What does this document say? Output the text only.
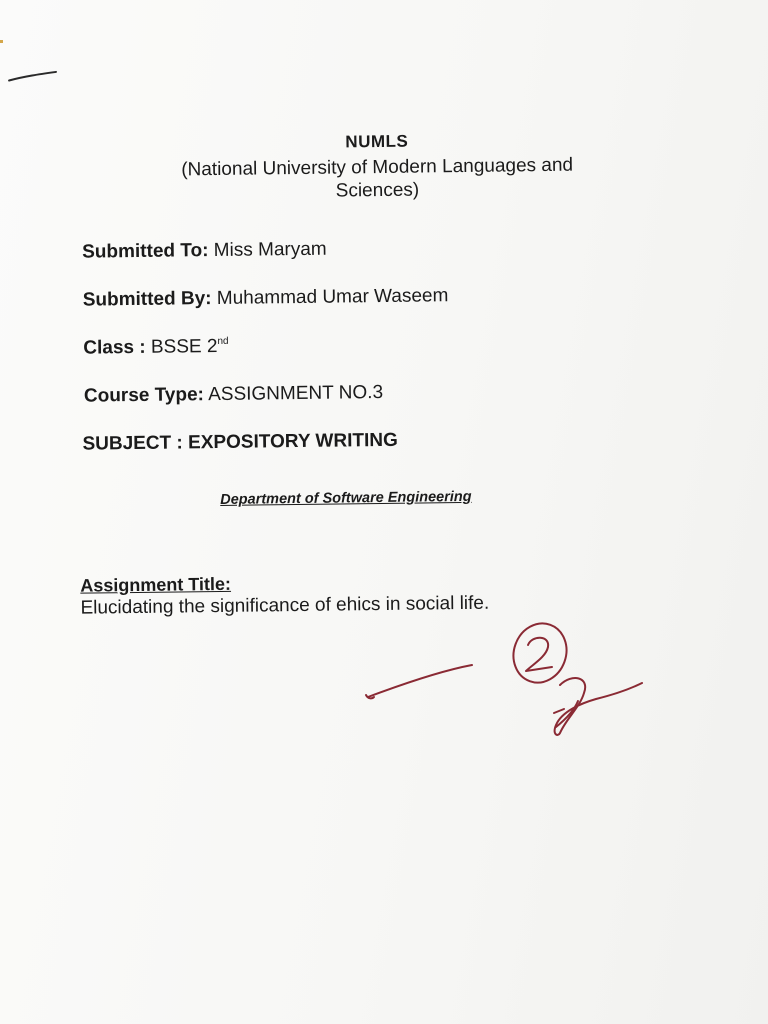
NUMLS
(National University of Modern Languages and Sciences)
Submitted To: Miss Maryam
Submitted By: Muhammad Umar Waseem
Class : BSSE 2nd
Course Type: ASSIGNMENT NO.3
SUBJECT : EXPOSITORY WRITING
Department of Software Engineering
Assignment Title:
Elucidating the significance of ehics in social life.
